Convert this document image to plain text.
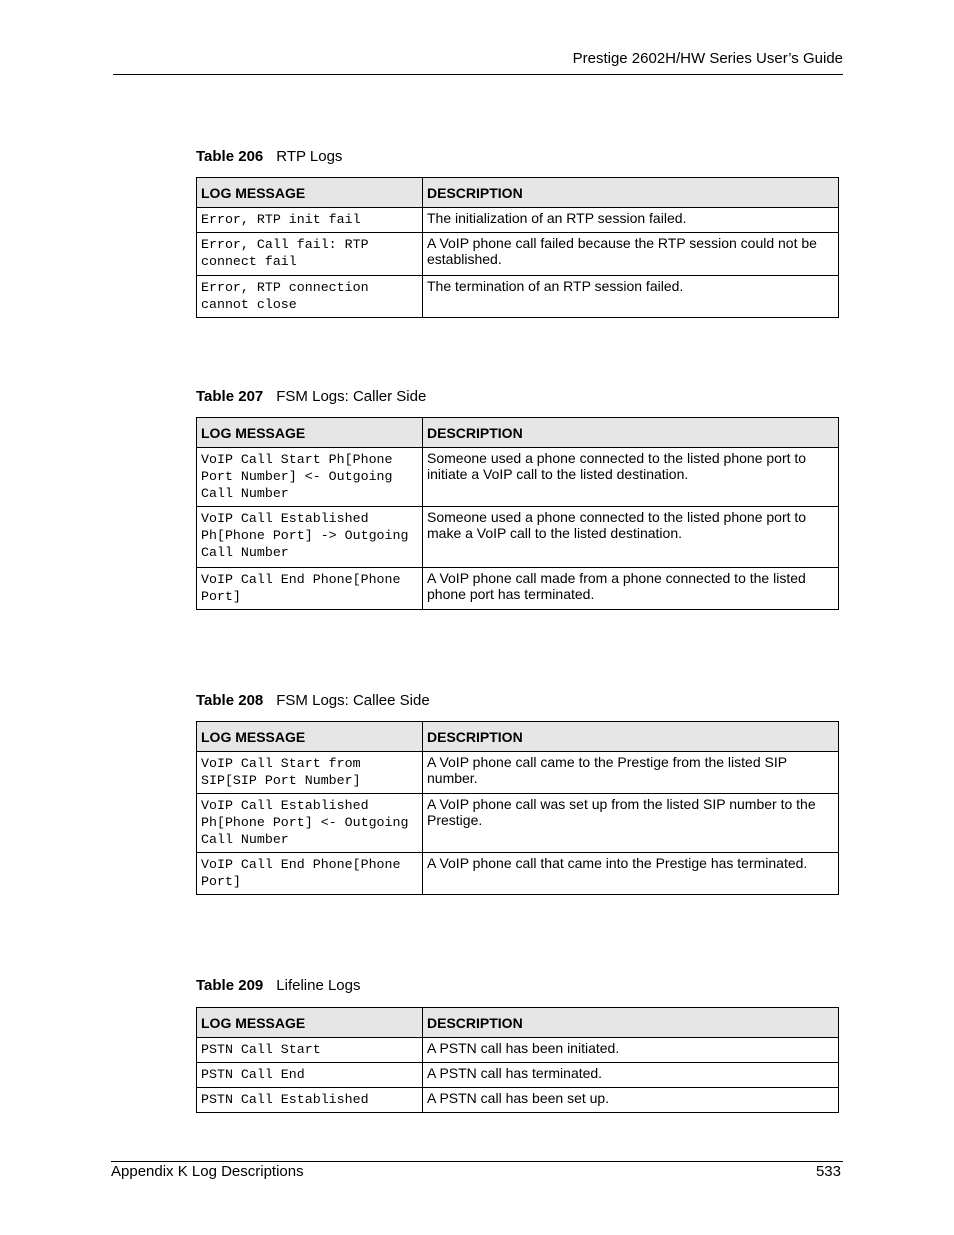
Prestige 2602H/HW Series User’s Guide
Table 206 RTP Logs
LOG MESSAGE	DESCRIPTION
Error, RTP init fail	The initialization of an RTP session failed.
Error, Call fail: RTP connect fail	A VoIP phone call failed because the RTP session could not be established.
Error, RTP connection cannot close	The termination of an RTP session failed.
Table 207 FSM Logs: Caller Side
LOG MESSAGE	DESCRIPTION
VoIP Call Start Ph[Phone Port Number] <- Outgoing Call Number	Someone used a phone connected to the listed phone port to initiate a VoIP call to the listed destination.
VoIP Call Established Ph[Phone Port] -> Outgoing Call Number	Someone used a phone connected to the listed phone port to make a VoIP call to the listed destination.
VoIP Call End Phone[Phone Port]	A VoIP phone call made from a phone connected to the listed phone port has terminated.
Table 208 FSM Logs: Callee Side
LOG MESSAGE	DESCRIPTION
VoIP Call Start from SIP[SIP Port Number]	A VoIP phone call came to the Prestige from the listed SIP number.
VoIP Call Established Ph[Phone Port] <- Outgoing Call Number	A VoIP phone call was set up from the listed SIP number to the Prestige.
VoIP Call End Phone[Phone Port]	A VoIP phone call that came into the Prestige has terminated.
Table 209 Lifeline Logs
LOG MESSAGE	DESCRIPTION
PSTN Call Start	A PSTN call has been initiated.
PSTN Call End	A PSTN call has terminated.
PSTN Call Established	A PSTN call has been set up.
Appendix K Log Descriptions	533
